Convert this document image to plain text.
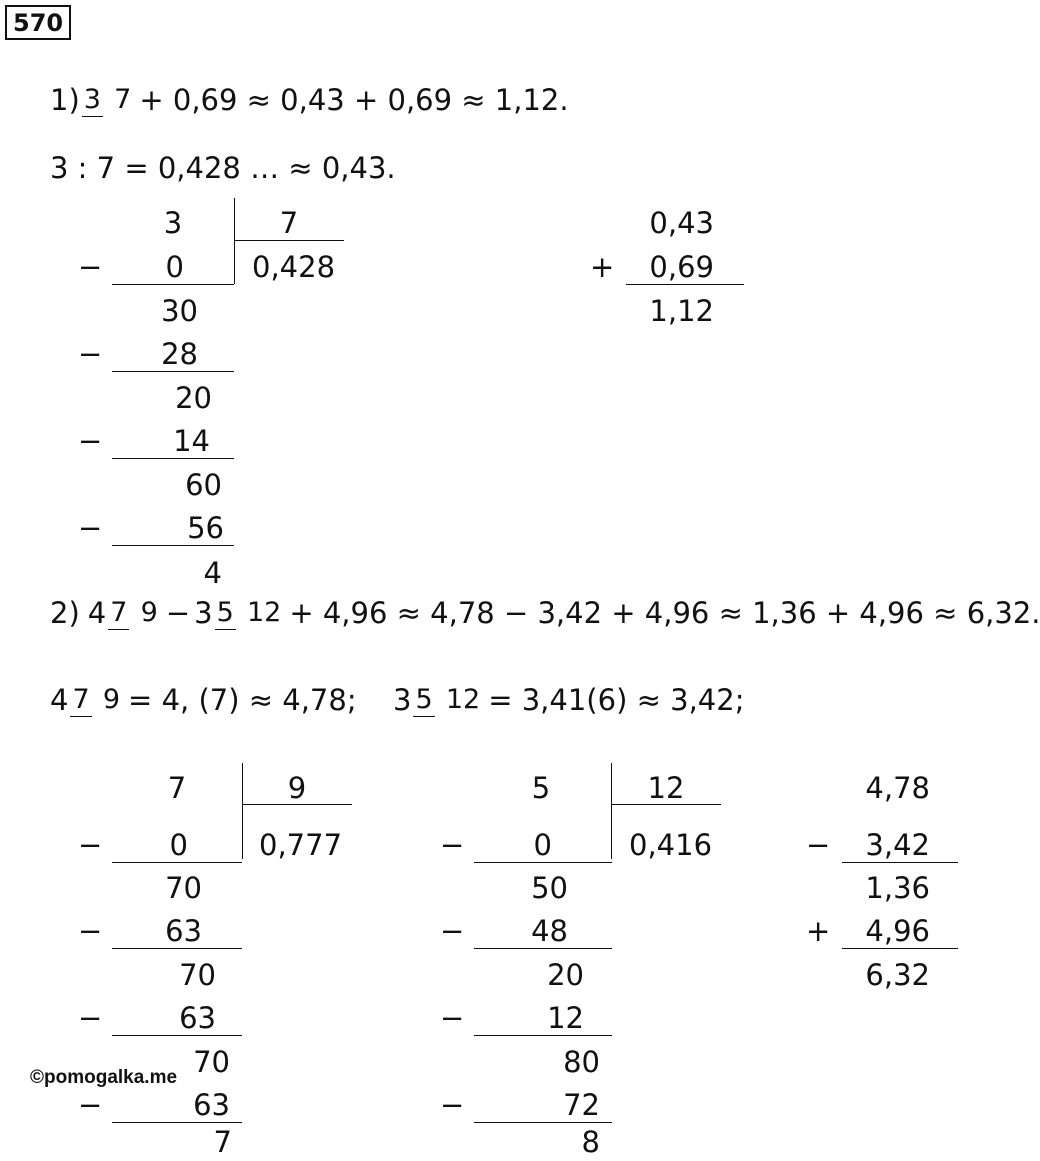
570
1) 3 7 + 0,69 ≈ 0,43 + 0,69 ≈ 1,12.
3 : 7 = 0,428 … ≈ 0,43.
3	7
0,428
−	0
30
−	28
20
−	14
60
−	56
4
0,43
+	0,69
1,12
2) 4 7 9 − 3 5 12 + 4,96 ≈ 4,78 − 3,42 + 4,96 ≈ 1,36 + 4,96 ≈ 6,32.
4 7 9 = 4, (7) ≈ 4,78; 3 5 12 = 3,41(6) ≈ 3,42;
7	9
0,777
−	0
70
−	63
70
−	63
70
−	63
7
5	12
0,416
−	0
50
−	48
20
−	12
80
−	72
8
4,78
−	3,42
1,36
+	4,96
6,32
©pomogalka.me
